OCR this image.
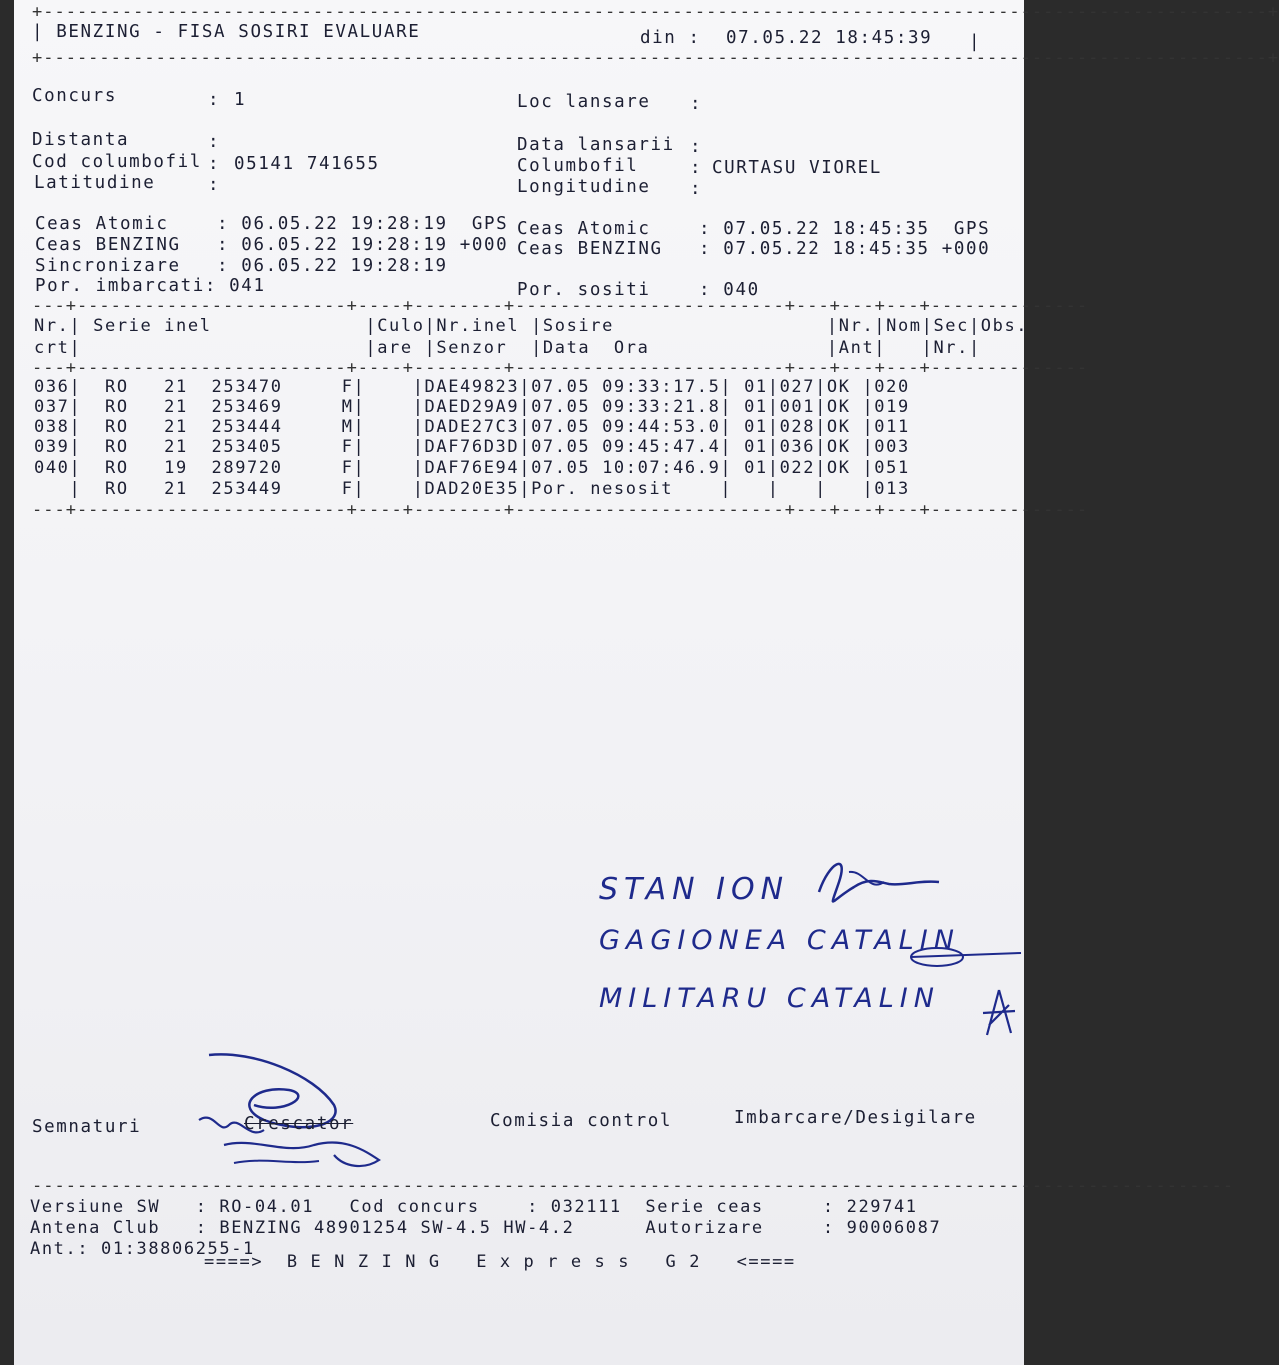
+-------------------------------------------------------------------------------------------------------------+
| BENZING - FISA SOSIRI EVALUARE	din : 07.05.22 18:45:39 |
+-------------------------------------------------------------------------------------------------------------+
Concurs	: 1
Distanta	:
Cod columbofil : 05141 741655
Latitudine	:
Loc lansare :
Data lansarii :
Columbofil	: CURTASU VIOREL
Longitudine :
Ceas Atomic    : 06.05.22 19:28:19  GPS
Ceas BENZING   : 06.05.22 19:28:19 +000
Sincronizare   : 06.05.22 19:28:19
Por. imbarcati: 041
Ceas Atomic    : 07.05.22 18:45:35  GPS
Ceas BENZING   : 07.05.22 18:45:35 +000
Por. sositi    : 040
---+------------------------+----+--------+------------------------+---+---+---+--------------
Nr.| Serie inel             |Culo|Nr.inel |Sosire                  |Nr.|Nom|Sec|Obs.
crt|                        |are |Senzor  |Data  Ora               |Ant|   |Nr.|
---+------------------------+----+--------+------------------------+---+---+---+--------------
036|  RO   21  253470     F|    |DAE49823|07.05 09:33:17.5| 01|027|OK |020
037|  RO   21  253469     M|    |DAED29A9|07.05 09:33:21.8| 01|001|OK |019
038|  RO   21  253444     M|    |DADE27C3|07.05 09:44:53.0| 01|028|OK |011
039|  RO   21  253405     F|    |DAF76D3D|07.05 09:45:47.4| 01|036|OK |003
040|  RO   19  289720     F|    |DAF76E94|07.05 10:07:46.9| 01|022|OK |051
|  RO   21  253449     F|    |DAD20E35|Por. nesosit    |   |   |   |013
---+------------------------+----+--------+------------------------+---+---+---+--------------
STAN ION
GAGIONEA CATALIN
MILITARU CATALIN
Semnaturi	Crescator	Comisia control	Imbarcare/Desigilare
-----------------------------------------------------------------------------------------------------------
Versiune SW   : RO-04.01   Cod concurs    : 032111  Serie ceas     : 229741
Antena Club   : BENZING 48901254 SW-4.5 HW-4.2      Autorizare     : 90006087
Ant.: 01:38806255-1
====>  B E N Z I N G   E x p r e s s   G 2   <====
